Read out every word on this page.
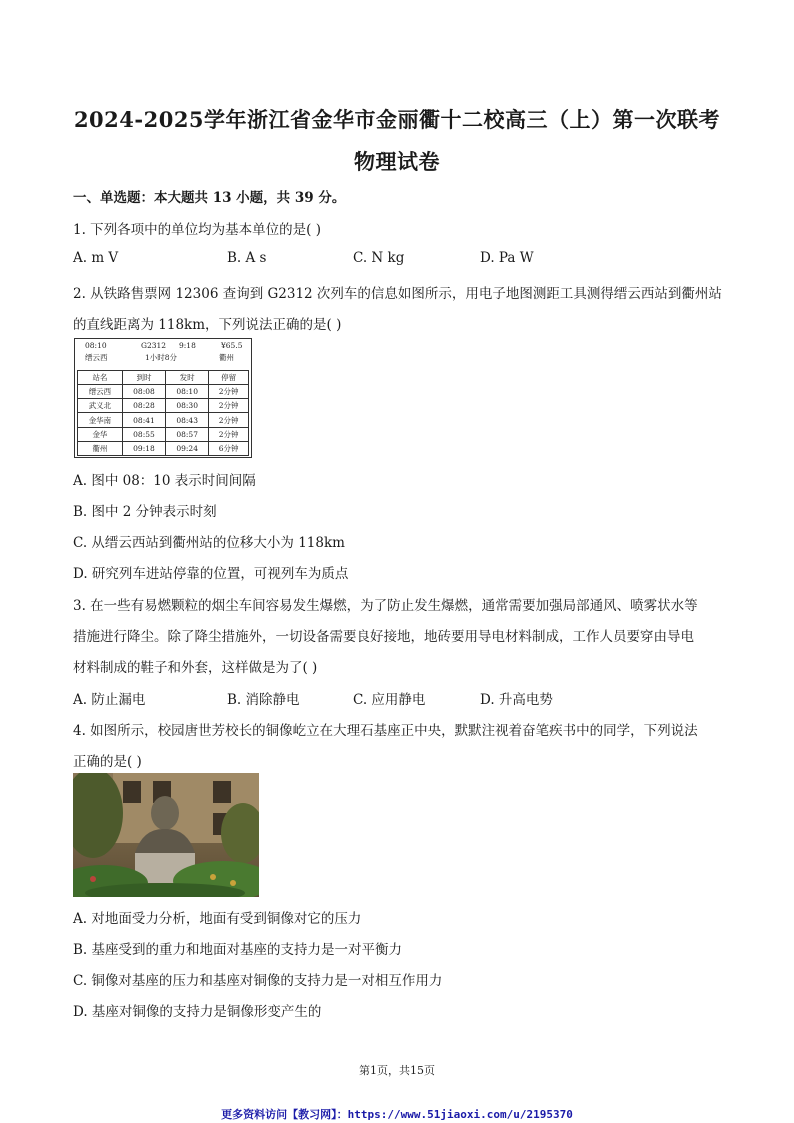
2024-2025学年浙江省金华市金丽衢十二校高三（上）第一次联考
物理试卷
一、单选题：本大题共 13 小题，共 39 分。
1. 下列各项中的单位均为基本单位的是( )
A. m V	B. A s	C. N kg	D. Pa W
2. 从铁路售票网 12306 查询到 G2312 次列车的信息如图所示，用电子地图测距工具测得缙云西站到衢州站
的直线距离为 118km，下列说法正确的是( )
08:10	G2312 9:18	¥65.5
缙云西	1小时8分	衢州
站名	到时	发时	停留
缙云西	08:08	08:10	2分钟
武义北	08:28	08:30	2分钟
金华南	08:41	08:43	2分钟
金华	08:55	08:57	2分钟
衢州	09:18	09:24	6分钟
A. 图中 08：10 表示时间间隔
B. 图中 2 分钟表示时刻
C. 从缙云西站到衢州站的位移大小为 118km
D. 研究列车进站停靠的位置，可视列车为质点
3. 在一些有易燃颗粒的烟尘车间容易发生爆燃，为了防止发生爆燃，通常需要加强局部通风、喷雾状水等
措施进行降尘。除了降尘措施外，一切设备需要良好接地，地砖要用导电材料制成，工作人员要穿由导电
材料制成的鞋子和外套，这样做是为了( )
A. 防止漏电	B. 消除静电	C. 应用静电	D. 升高电势
4. 如图所示，校园唐世芳校长的铜像屹立在大理石基座正中央，默默注视着奋笔疾书中的同学，下列说法
正确的是( )
A. 对地面受力分析，地面有受到铜像对它的压力
B. 基座受到的重力和地面对基座的支持力是一对平衡力
C. 铜像对基座的压力和基座对铜像的支持力是一对相互作用力
D. 基座对铜像的支持力是铜像形变产生的
第1页，共15页
更多资料访问【教习网】：https://www.51jiaoxi.com/u/2195370
